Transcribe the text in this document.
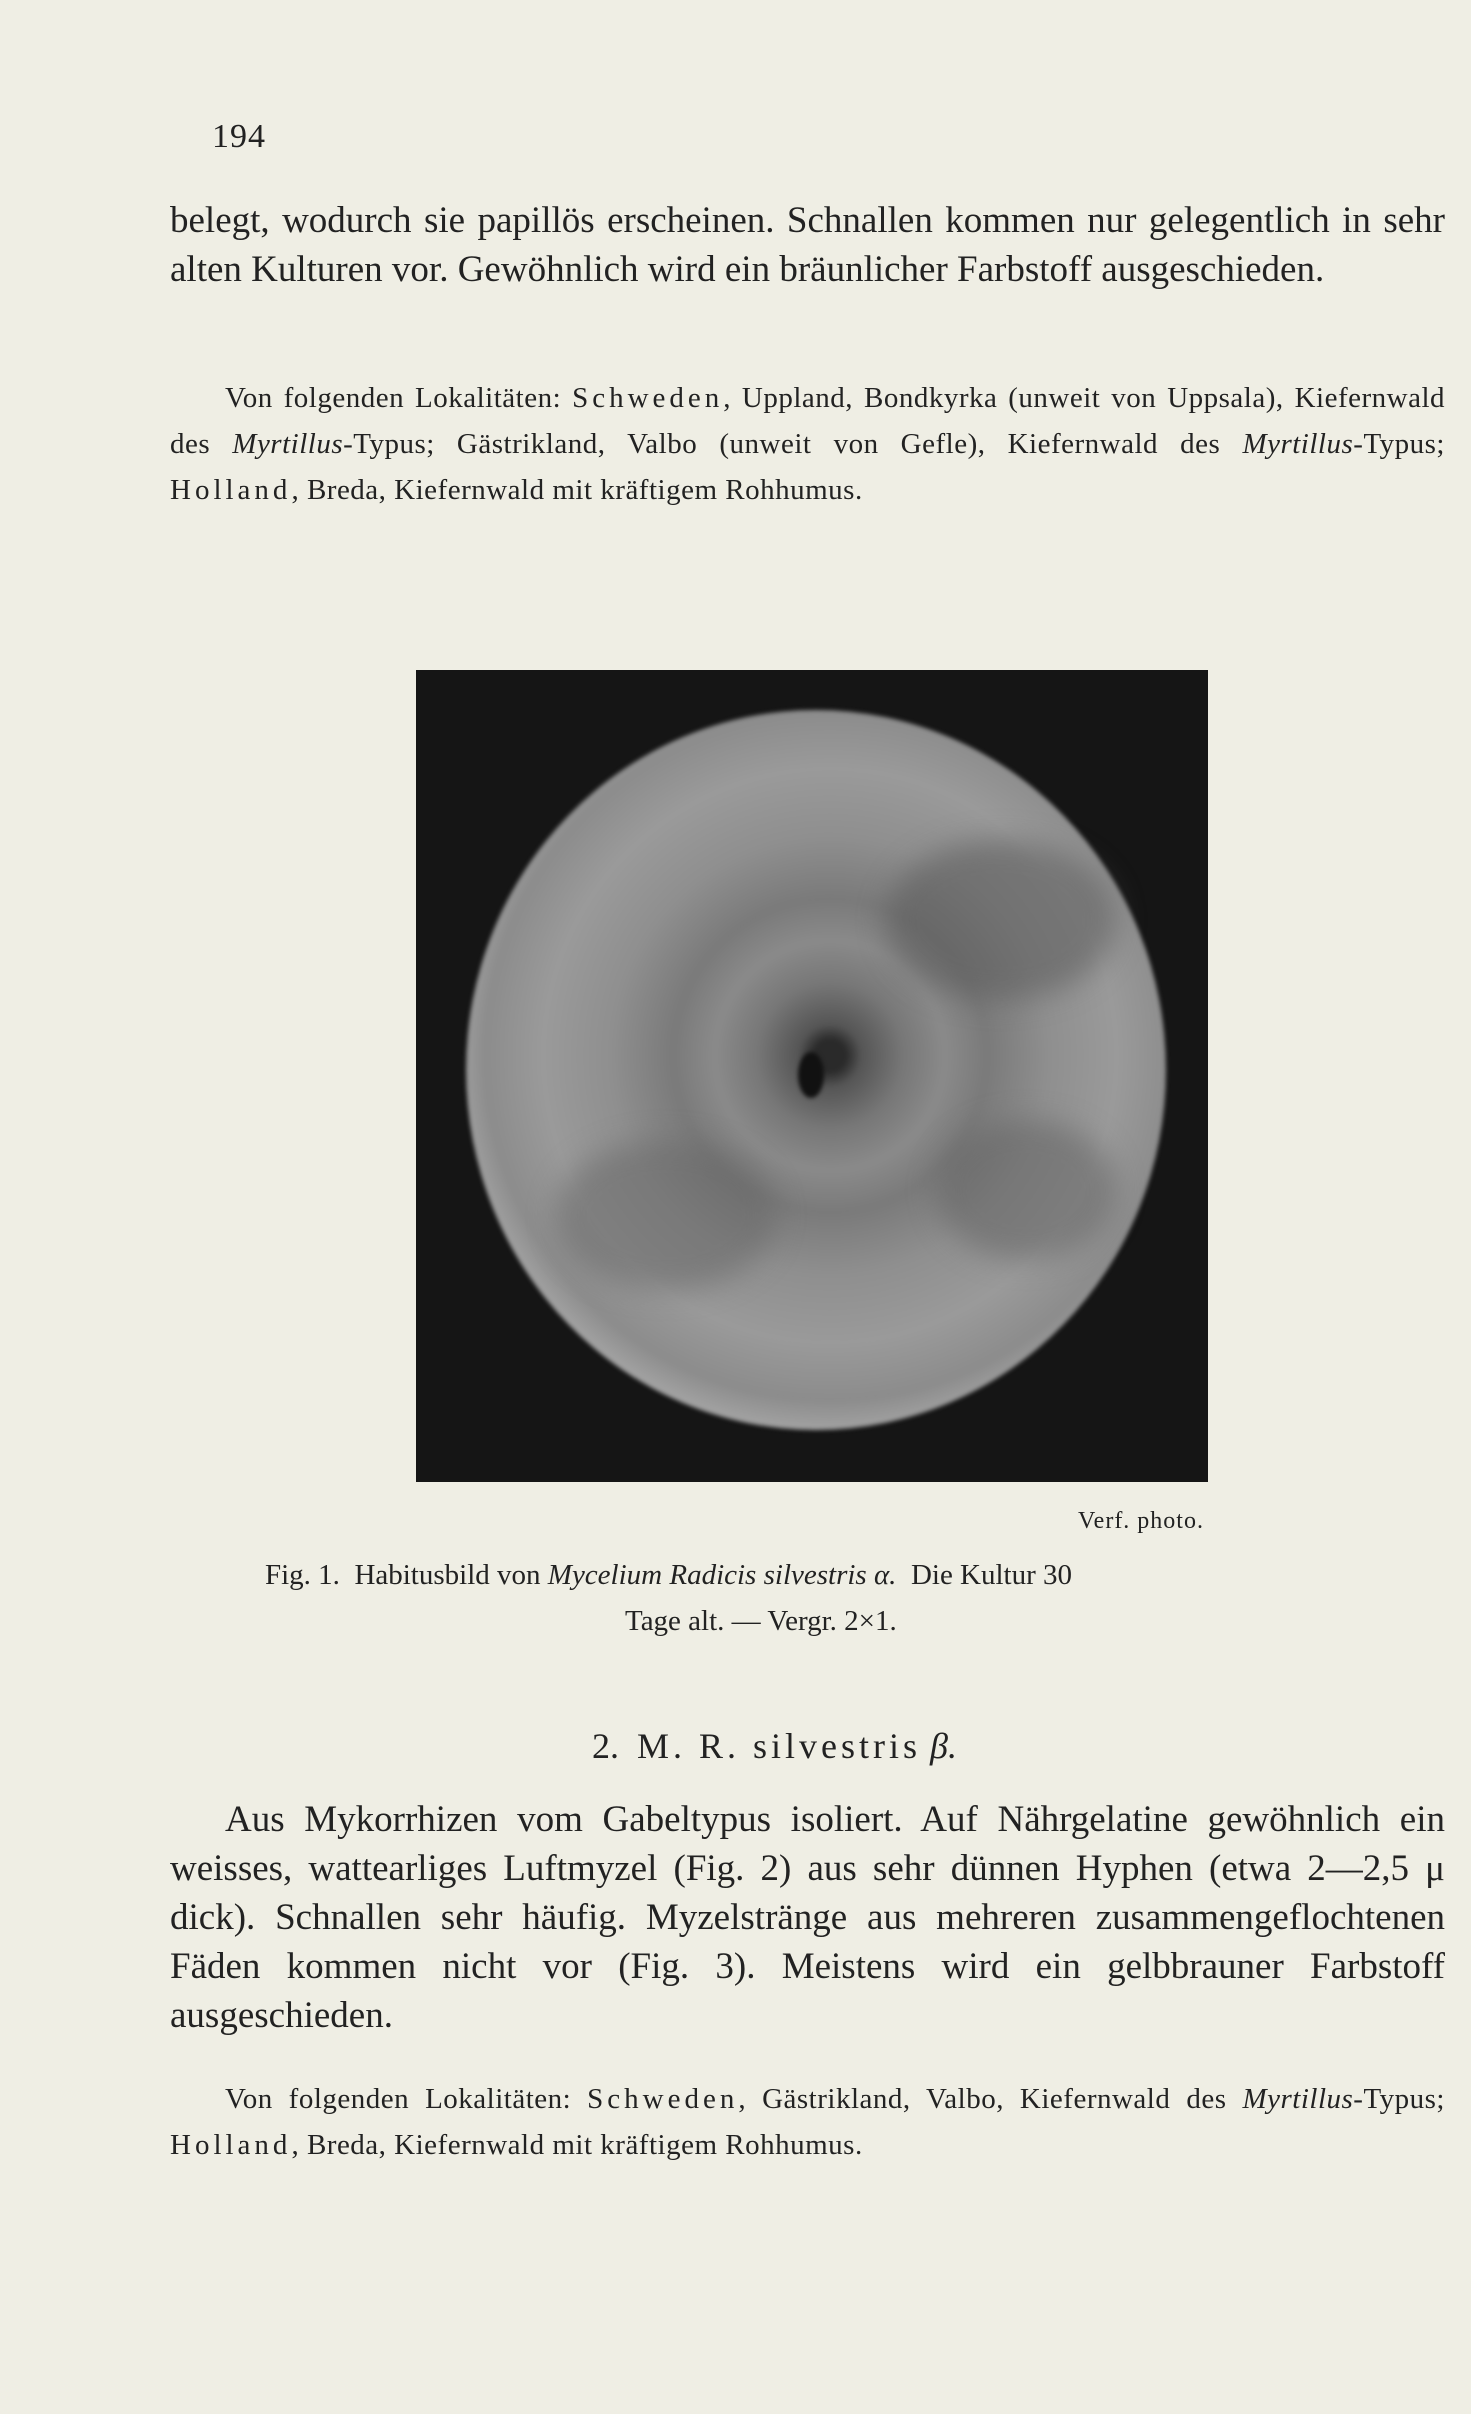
194

belegt, wodurch sie papillös erscheinen. Schnallen kommen nur gelegentlich in sehr alten Kulturen vor. Gewöhnlich wird ein bräunlicher Farbstoff ausgeschieden.

Von folgenden Lokalitäten: Schweden, Uppland, Bondkyrka (unweit von Uppsala), Kiefernwald des Myrtillus-Typus; Gästrikland, Valbo (unweit von Gefle), Kiefernwald des Myrtillus-Typus; Holland, Breda, Kiefernwald mit kräftigem Rohhumus.

Verf. photo.
Fig. 1. Habitusbild von Mycelium Radicis silvestris α. Die Kultur 30
Tage alt. — Vergr. 2×1.
2. M. R. silvestris β.

Aus Mykorrhizen vom Gabeltypus isoliert. Auf Nährgelatine gewöhnlich ein weisses, wattearliges Luftmyzel (Fig. 2) aus sehr dünnen Hyphen (etwa 2—2,5 μ dick). Schnallen sehr häufig. Myzelstränge aus mehreren zusammengeflochtenen Fäden kommen nicht vor (Fig. 3). Meistens wird ein gelbbrauner Farbstoff ausgeschieden.

Von folgenden Lokalitäten: Schweden, Gästrikland, Valbo, Kiefernwald des Myrtillus-Typus; Holland, Breda, Kiefernwald mit kräftigem Rohhumus.
